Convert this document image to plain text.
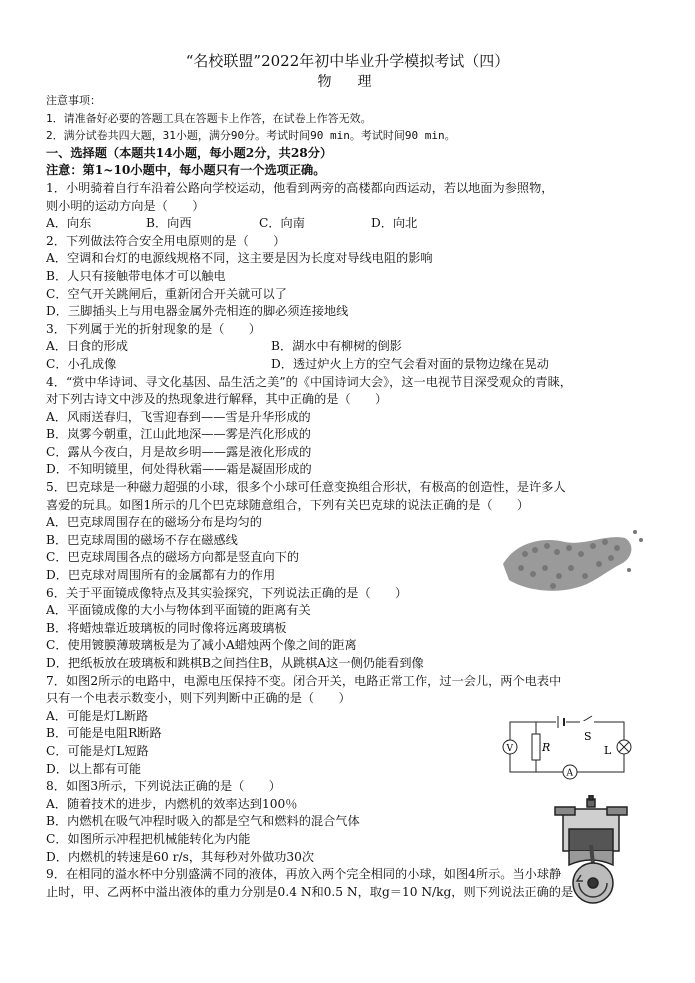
“名校联盟”2022年初中毕业升学模拟考试（四）
物理
注意事项：
1．请准备好必要的答题工具在答题卡上作答，在试卷上作答无效。
2．满分试卷共四大题，31小题，满分90分。考试时间90 min。考试时间90 min。
一、选择题（本题共14小题，每小题2分，共28分）
注意：第1~10小题中，每小题只有一个选项正确。
1．小明骑着自行车沿着公路向学校运动，他看到两旁的高楼都向西运动，若以地面为参照物，
则小明的运动方向是（　　）
A．向东	B．向西	C．向南	D．向北
2．下列做法符合安全用电原则的是（　　）
A．空调和台灯的电源线规格不同，这主要是因为长度对导线电阻的影响
B．人只有接触带电体才可以触电
C．空气开关跳闸后，重新闭合开关就可以了
D．三脚插头上与用电器金属外壳相连的脚必须连接地线
3．下列属于光的折射现象的是（　　）
A．日食的形成	B．湖水中有柳树的倒影
C．小孔成像	D．透过炉火上方的空气会看对面的景物边缘在晃动
4．“赏中华诗词、寻文化基因、品生活之美”的《中国诗词大会》，这一电视节目深受观众的青睐，
对下列古诗文中涉及的热现象进行解释，其中正确的是（　　）
A．风雨送春归，飞雪迎春到——雪是升华形成的
B．岚雾今朝重，江山此地深——雾是汽化形成的
C．露从今夜白，月是故乡明——露是液化形成的
D．不知明镜里，何处得秋霜——霜是凝固形成的
5．巴克球是一种磁力超强的小球，很多个小球可任意变换组合形状，有极高的创造性，是许多人
喜爱的玩具。如图1所示的几个巴克球随意组合，下列有关巴克球的说法正确的是（　　）
A．巴克球周围存在的磁场分布是均匀的
B．巴克球周围的磁场不存在磁感线
C．巴克球周围各点的磁场方向都是竖直向下的
D．巴克球对周围所有的金属都有力的作用
6．关于平面镜成像特点及其实验探究，下列说法正确的是（　　）
A．平面镜成像的大小与物体到平面镜的距离有关
B．将蜡烛靠近玻璃板的同时像将远离玻璃板
C．使用镀膜薄玻璃板是为了减小A蜡烛两个像之间的距离
D．把纸板放在玻璃板和跳棋B之间挡住B，从跳棋A这一侧仍能看到像
7．如图2所示的电路中，电源电压保持不变。闭合开关，电路正常工作，过一会儿，两个电表中
只有一个电表示数变小，则下列判断中正确的是（　　）
A．可能是灯L断路
B．可能是电阻R断路
C．可能是灯L短路
D．以上都有可能
8．如图3所示，下列说法正确的是（　　）
A．随着技术的进步，内燃机的效率达到100％
B．内燃机在吸气冲程时吸入的都是空气和燃料的混合气体
C．如图所示冲程把机械能转化为内能
D．内燃机的转速是60 r/s，其每秒对外做功30次
9．在相同的溢水杯中分别盛满不同的液体，再放入两个完全相同的小球，如图4所示。当小球静
止时，甲、乙两杯中溢出液体的重力分别是0.4 N和0.5 N，取g＝10 N/kg，则下列说法正确的是
V	R
S
L
A
